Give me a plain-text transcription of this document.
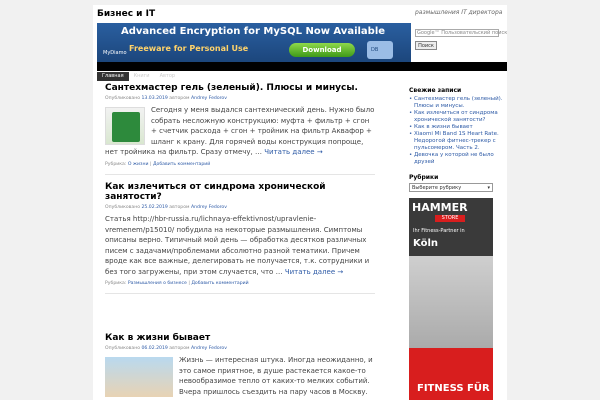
Бизнес и IT	размышления IT директора
Advanced Encryption for MySQL Now Available
Freeware for Personal Use
MyDiamo	Download	DB
Google™ Пользовательский поиск
Поиск
Главная Книги Автор
Сантехмастер гель (зеленый). Плюсы и минусы.
Опубликовано 13.03.2019 автором Andrey Fedorov
Сегодня у меня выдался сантехнический день. Нужно было собрать несложную конструкцию: муфта + фильтр + сгон + счетчик расхода + сгон + тройник на фильтр Аквафор + шланг к крану. Для горячей воды конструкция попроще, нет тройника на фильтр. Сразу отмечу, … Читать далее →
Рубрика: О жизни | Добавить комментарий
Как излечиться от синдрома хронической занятости?
Опубликовано 25.02.2019 автором Andrey Fedorov
Статья http://hbr-russia.ru/lichnaya-effektivnost/upravlenie-vremenem/p15010/ побудила на некоторые размышления. Симптомы описаны верно. Типичный мой день — обработка десятков различных писем с задачами/проблемами абсолютно разной тематики. Причем вроде как все важные, делегировать не получается, т.к. сотрудники и без того загружены, при этом случается, что … Читать далее →
Рубрика: Размышления о бизнесе | Добавить комментарий
Как в жизни бывает
Опубликовано 06.02.2019 автором Andrey Fedorov
Жизнь — интересная штука. Иногда неожиданно, и это самое приятное, в душе растекается какое-то невообразимое тепло от каких-то мелких событий. Вчера пришлось съездить на пару часов в Москву.
Свежие записи
• Сантехмастер гель (зеленый). Плюсы и минусы.
• Как излечиться от синдрома хронической занятости?
• Как в жизни бывает
• Xiaomi Mi Band 1S Heart Rate. Недорогой фитнес-трекер с пульсомером. Часть 2.
• Девочка у которой не было друзей
Рубрики
Выберите рубрику	▾
HAMMER
STORE
Ihr Fitness-Partner in
Köln
FITNESS FÜR
